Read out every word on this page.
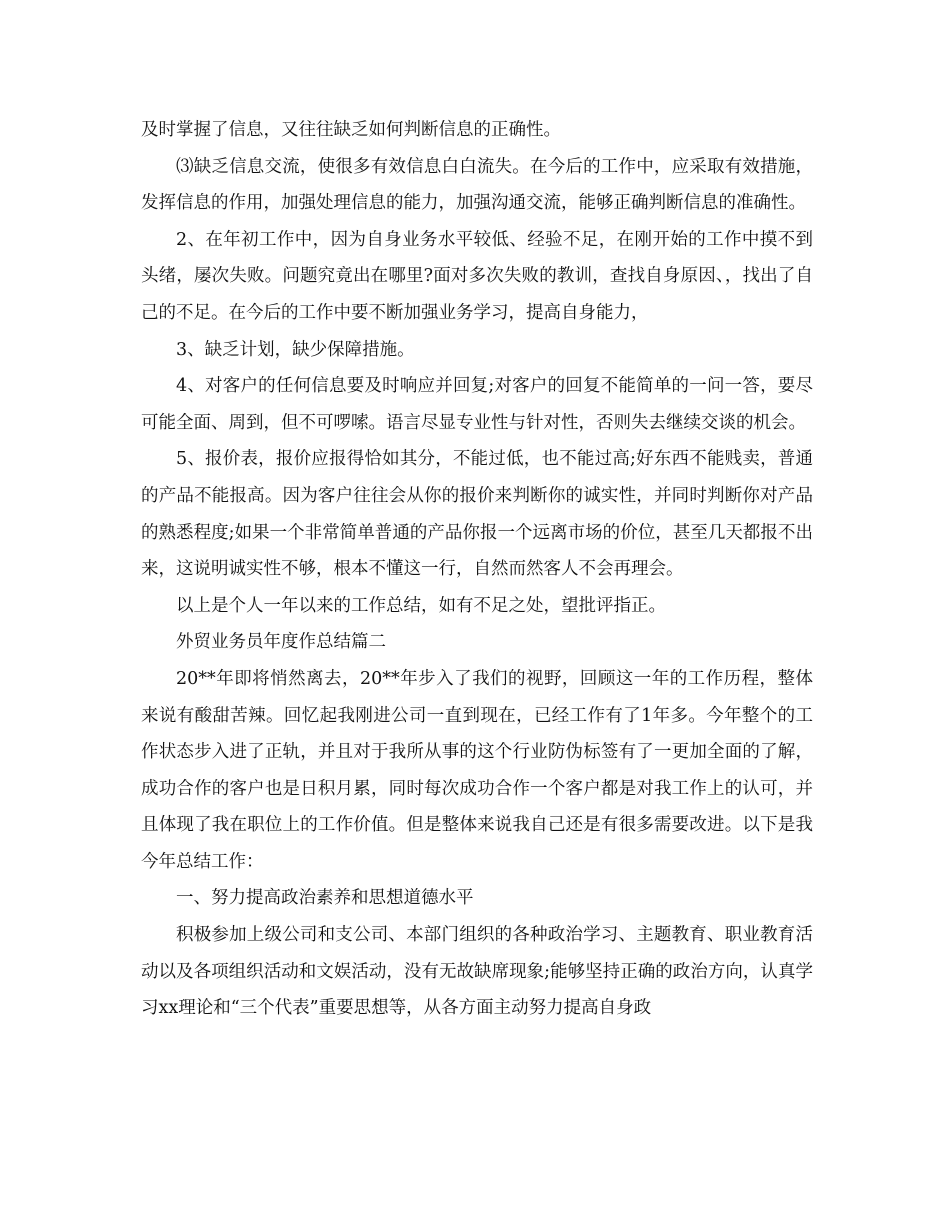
及时掌握了信息，又往往缺乏如何判断信息的正确性。

⑶缺乏信息交流，使很多有效信息白白流失。在今后的工作中，应采取有效措施，发挥信息的作用，加强处理信息的能力，加强沟通交流，能够正确判断信息的准确性。

2、在年初工作中，因为自身业务水平较低、经验不足，在刚开始的工作中摸不到头绪，屡次失败。问题究竟出在哪里?面对多次失败的教训，查找自身原因、，找出了自己的不足。在今后的工作中要不断加强业务学习，提高自身能力，

3、缺乏计划，缺少保障措施。

4、对客户的任何信息要及时响应并回复;对客户的回复不能简单的一问一答，要尽可能全面、周到，但不可啰嗦。语言尽显专业性与针对性，否则失去继续交谈的机会。

5、报价表，报价应报得恰如其分，不能过低，也不能过高;好东西不能贱卖，普通的产品不能报高。因为客户往往会从你的报价来判断你的诚实性，并同时判断你对产品的熟悉程度;如果一个非常简单普通的产品你报一个远离市场的价位，甚至几天都报不出来，这说明诚实性不够，根本不懂这一行，自然而然客人不会再理会。

以上是个人一年以来的工作总结，如有不足之处，望批评指正。

外贸业务员年度作总结篇二

20**年即将悄然离去，20**年步入了我们的视野，回顾这一年的工作历程，整体来说有酸甜苦辣。回忆起我刚进公司一直到现在，已经工作有了1年多。今年整个的工作状态步入进了正轨，并且对于我所从事的这个行业防伪标签有了一更加全面的了解，成功合作的客户也是日积月累，同时每次成功合作一个客户都是对我工作上的认可，并且体现了我在职位上的工作价值。但是整体来说我自己还是有很多需要改进。以下是我今年总结工作：

一、努力提高政治素养和思想道德水平

积极参加上级公司和支公司、本部门组织的各种政治学习、主题教育、职业教育活动以及各项组织活动和文娱活动，没有无故缺席现象;能够坚持正确的政治方向，认真学习xx理论和“三个代表”重要思想等，从各方面主动努力提高自身政
